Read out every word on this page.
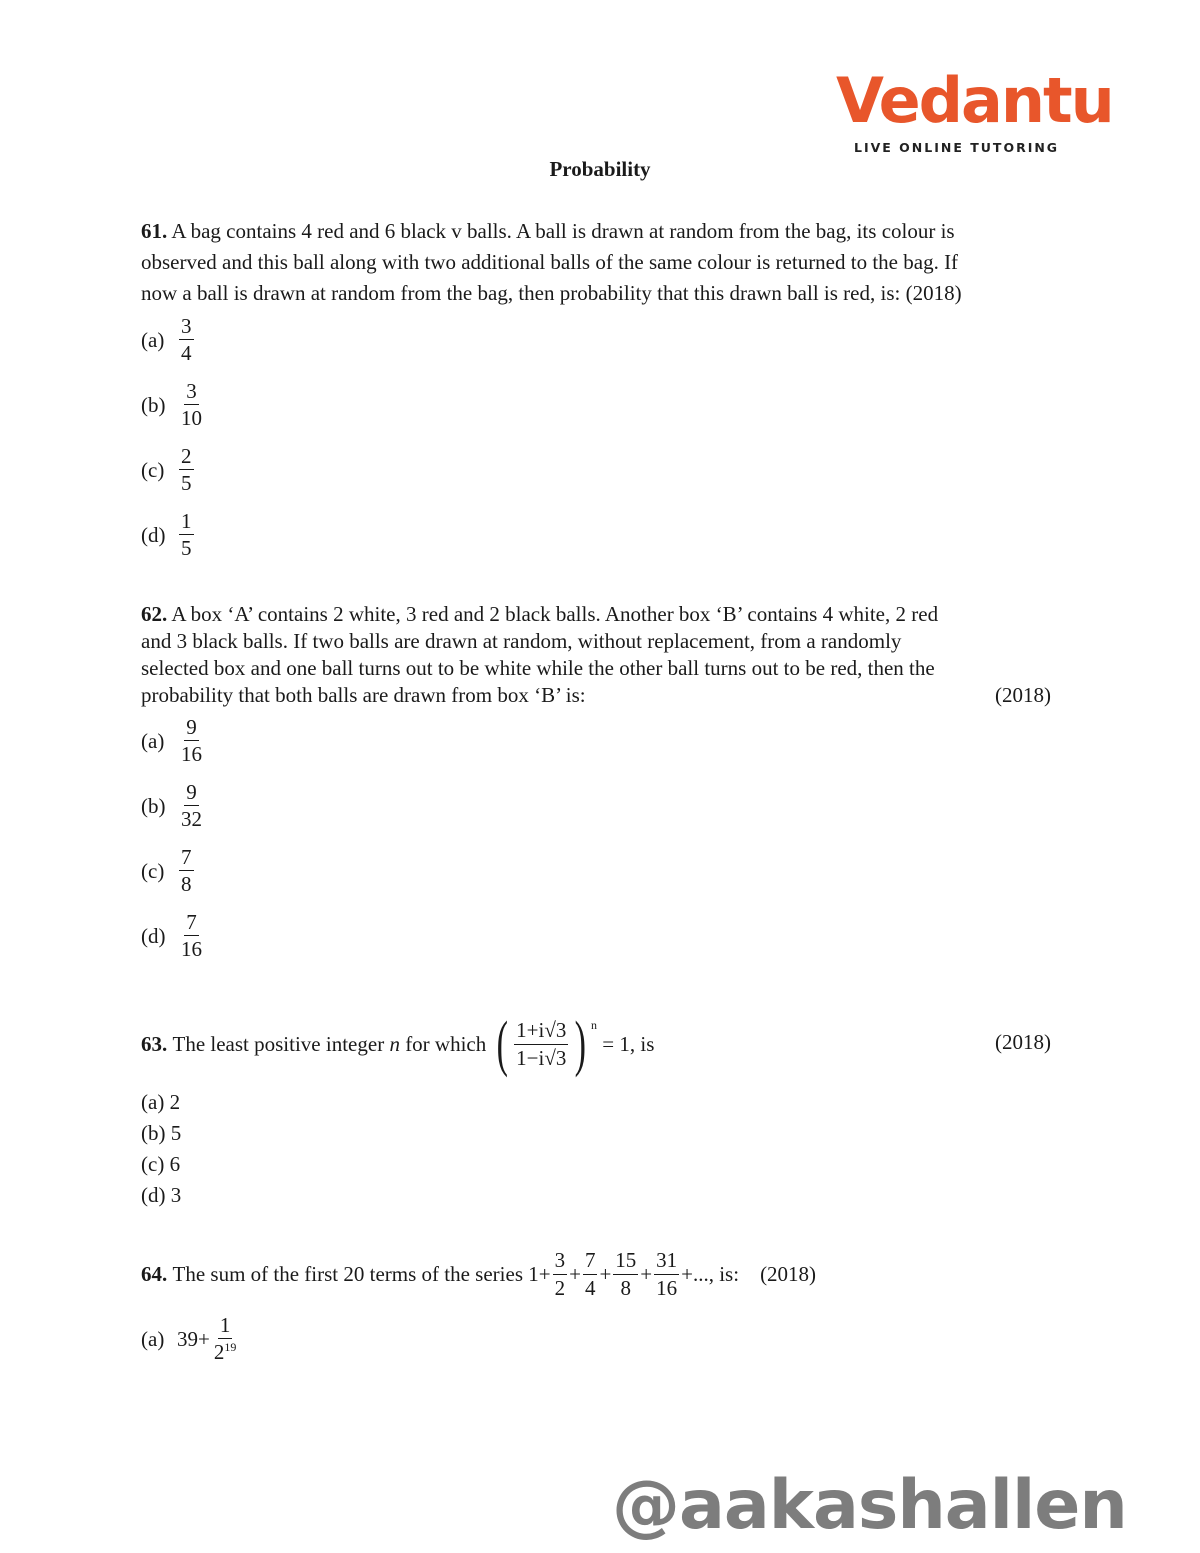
Vedantu
LIVE ONLINE TUTORING
Probability
61. A bag contains 4 red and 6 black v balls. A ball is drawn at random from the bag, its colour is
observed and this ball along with two additional balls of the same colour is returned to the bag. If
now a ball is drawn at random from the bag, then probability that this drawn ball is red, is: (2018)
$(a) \frac{3}{4}$
$(b) \frac{3}{10}$
$(c) \frac{2}{5}$
$(d) \frac{1}{5}$
62. A box ‘A’ contains 2 white, 3 red and 2 black balls. Another box ‘B’ contains 4 white, 2 red
and 3 black balls. If two balls are drawn at random, without replacement, from a randomly
selected box and one ball turns out to be white while the other ball turns out to be red, then the
probability that both balls are drawn from box ‘B’ is:	(2018)
$(a) \frac{9}{16}$
$(b) \frac{9}{32}$
$(c) \frac{7}{8}$
$(d) \frac{7}{16}$
63.
The least positive integer
n
for which
( $\frac{1+i√3}{1-i√3}$ ) $^n$

= 1, is	(2018)
(a)
2
(b)
5
(c)
6
(d)
3
64.
The sum of the first 20 terms of the series
$1+ \frac{3}{2} + \frac{7}{4} + \frac{15}{8} + \frac{31}{16}$ +...,
is:
(2018)
(a) $39+ \frac{1}{2^{19}}$
@aakashallen
